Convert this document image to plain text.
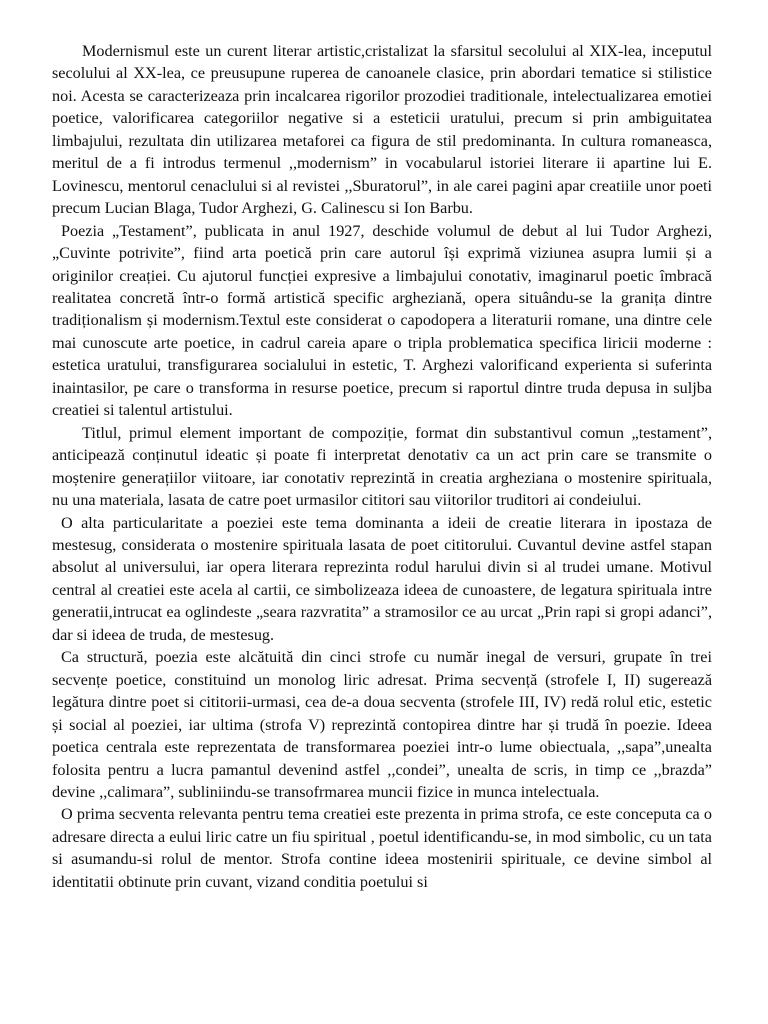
Modernismul este un curent literar artistic,cristalizat la sfarsitul secolului al XIX-lea, inceputul secolului al XX-lea, ce preusupune ruperea de canoanele clasice, prin abordari tematice si stilistice noi. Acesta se caracterizeaza prin incalcarea rigorilor prozodiei traditionale, intelectualizarea emotiei poetice, valorificarea categoriilor negative si a esteticii uratului, precum si prin ambiguitatea limbajului, rezultata din utilizarea metaforei ca figura de stil predominanta. In cultura romaneasca, meritul de a fi introdus termenul ,,modernism” in vocabularul istoriei literare ii apartine lui E. Lovinescu, mentorul cenaclului si al revistei ,,Sburatorul”, in ale carei pagini apar creatiile unor poeti precum Lucian Blaga, Tudor Arghezi, G. Calinescu si Ion Barbu.

Poezia „Testament”, publicata in anul 1927, deschide volumul de debut al lui Tudor Arghezi, „Cuvinte potrivite”, fiind arta poetică prin care autorul își exprimă viziunea asupra lumii și a originilor creației. Cu ajutorul funcției expresive a limbajului conotativ, imaginarul poetic îmbracă realitatea concretă într-o formă artistică specific argheziană, opera situându-se la granița dintre tradiționalism și modernism.Textul este considerat o capodopera a literaturii romane, una dintre cele mai cunoscute arte poetice, in cadrul careia apare o tripla problematica specifica liricii moderne : estetica uratului, transfigurarea socialului in estetic, T. Arghezi valorificand experienta si suferinta inaintasilor, pe care o transforma in resurse poetice, precum si raportul dintre truda depusa in suljba creatiei si talentul artistului.

Titlul, primul element important de compoziție, format din substantivul comun „testament”, anticipează conținutul ideatic și poate fi interpretat denotativ ca un act prin care se transmite o moștenire generațiilor viitoare, iar conotativ reprezintă in creatia argheziana o mostenire spirituala, nu una materiala, lasata de catre poet urmasilor cititori sau viitorilor truditori ai condeiului.

O alta particularitate a poeziei este tema dominanta a ideii de creatie literara in ipostaza de mestesug, considerata o mostenire spirituala lasata de poet cititorului. Cuvantul devine astfel stapan absolut al universului, iar opera literara reprezinta rodul harului divin si al trudei umane. Motivul central al creatiei este acela al cartii, ce simbolizeaza ideea de cunoastere, de legatura spirituala intre generatii,intrucat ea oglindeste „seara razvratita” a stramosilor ce au urcat „Prin rapi si gropi adanci”, dar si ideea de truda, de mestesug.

Ca structură, poezia este alcătuită din cinci strofe cu număr inegal de versuri, grupate în trei secvențe poetice, constituind un monolog liric adresat. Prima secvență (strofele I, II) sugerează legătura dintre poet si cititorii-urmasi, cea de-a doua secventa (strofele III, IV) redă rolul etic, estetic și social al poeziei, iar ultima (strofa V) reprezintă contopirea dintre har și trudă în poezie. Ideea poetica centrala este reprezentata de transformarea poeziei intr-o lume obiectuala, ,,sapa”,unealta folosita pentru a lucra pamantul devenind astfel ,,condei”, unealta de scris, in timp ce ,,brazda” devine ,,calimara”, subliniindu-se transofrmarea muncii fizice in munca intelectuala.

O prima secventa relevanta pentru tema creatiei este prezenta in prima strofa, ce este conceputa ca o adresare directa a eului liric catre un fiu spiritual , poetul identificandu-se, in mod simbolic, cu un tata si asumandu-si rolul de mentor. Strofa contine ideea mostenirii spirituale, ce devine simbol al identitatii obtinute prin cuvant, vizand conditia poetului si
